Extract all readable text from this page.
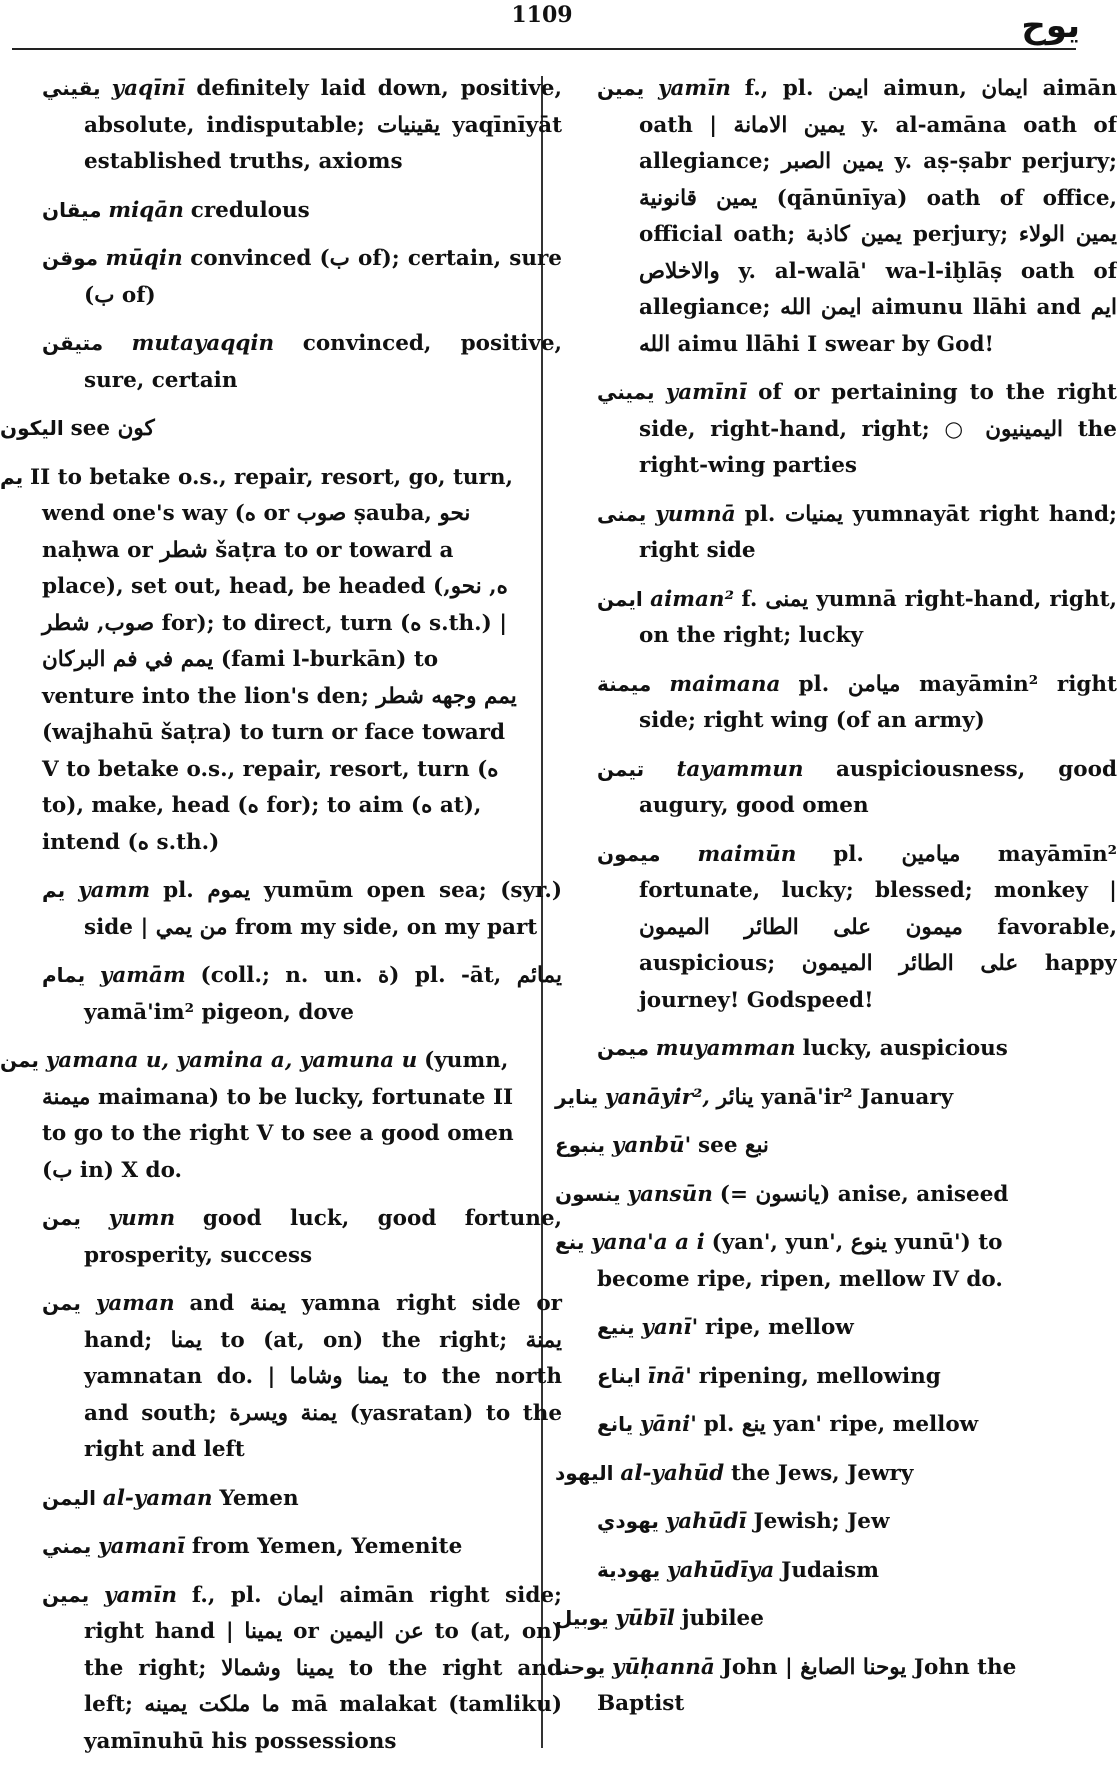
1109	يوح
يقيني yaqīnī definitely laid down, positive, absolute, indisputable; يقينيات yaqīnīyāt established truths, axioms
ميقان miqān credulous
موقن mūqin convinced (ب of); certain, sure (ب of)
متيقن mutayaqqin convinced, positive, sure, certain
اليكون see كون
يم II to betake o.s., repair, resort, go, turn, wend one's way (ه or صوب ṣauba, نحو naḥwa or شطر šaṭra to or toward a place), set out, head, be headed (ه, نحو, صوب, شطر for); to direct, turn (ه s.th.) | يمم في فم البركان (fami l-burkān) to venture into the lion's den; يمم وجهه شطر (wajhahū šaṭra) to turn or face toward V to betake o.s., repair, resort, turn (ه to), make, head (ه for); to aim (ه at), intend (ه s.th.)
يم yamm pl. يموم yumūm open sea; (syr.) side | من يمي from my side, on my part
يمام yamām (coll.; n. un. ة) pl. -āt, يمائم yamā'im² pigeon, dove
يمن yamana u, yamina a, yamuna u (yumn, ميمنة maimana) to be lucky, fortunate II to go to the right V to see a good omen (ب in) X do.
يمن yumn good luck, good fortune, prosperity, success
يمن yaman and يمنة yamna right side or hand; يمنا to (at, on) the right; يمنة yamnatan do. | يمنا وشاما to the north and south; يمنة ويسرة (yasratan) to the right and left
اليمن al-yaman Yemen
يمني yamanī from Yemen, Yemenite
يمين yamīn f., pl. ايمان aimān right side; right hand | يمينا or عن اليمين to (at, on) the right; يمينا وشمالا to the right and left; ما ملكت يمينه mā malakat (tamliku) yamīnuhū his possessions
يمين yamīn f., pl. ايمن aimun, ايمان aimān oath | يمين الامانة y. al-amāna oath of allegiance; يمين الصبر y. aṣ-ṣabr perjury; يمين قانونية (qānūnīya) oath of office, official oath; يمين كاذبة perjury; يمين الولاء والاخلاص y. al-walā' wa-l-iḫlāṣ oath of allegiance; ايمن الله aimunu llāhi and ايم الله aimu llāhi I swear by God!
يميني yamīnī of or pertaining to the right side, right-hand, right; ○ اليمينيون the right-wing parties
يمنى yumnā pl. يمنيات yumnayāt right hand; right side
ايمن aiman² f. يمنى yumnā right-hand, right, on the right; lucky
ميمنة maimana pl. ميامن mayāmin² right side; right wing (of an army)
تيمن tayammun auspiciousness, good augury, good omen
ميمون maimūn pl. ميامين mayāmīn² fortunate, lucky; blessed; monkey | ميمون على الطائر الميمون favorable, auspicious; على الطائر الميمون happy journey! Godspeed!
ميمن muyamman lucky, auspicious
يناير yanāyir², ينائر yanā'ir² January
ينبوع yanbū' see نبع
ينسون yansūn (= يانسون) anise, aniseed
ينع yana'a a i (yan', yun', ينوع yunū') to become ripe, ripen, mellow IV do.
ينيع yanī' ripe, mellow
ايناع īnā' ripening, mellowing
يانع yāni' pl. ينع yan' ripe, mellow
اليهود al-yahūd the Jews, Jewry
يهودي yahūdī Jewish; Jew
يهودية yahūdīya Judaism
يوبيل yūbīl jubilee
يوحنا yūḥannā John | يوحنا الصابغ John the Baptist
